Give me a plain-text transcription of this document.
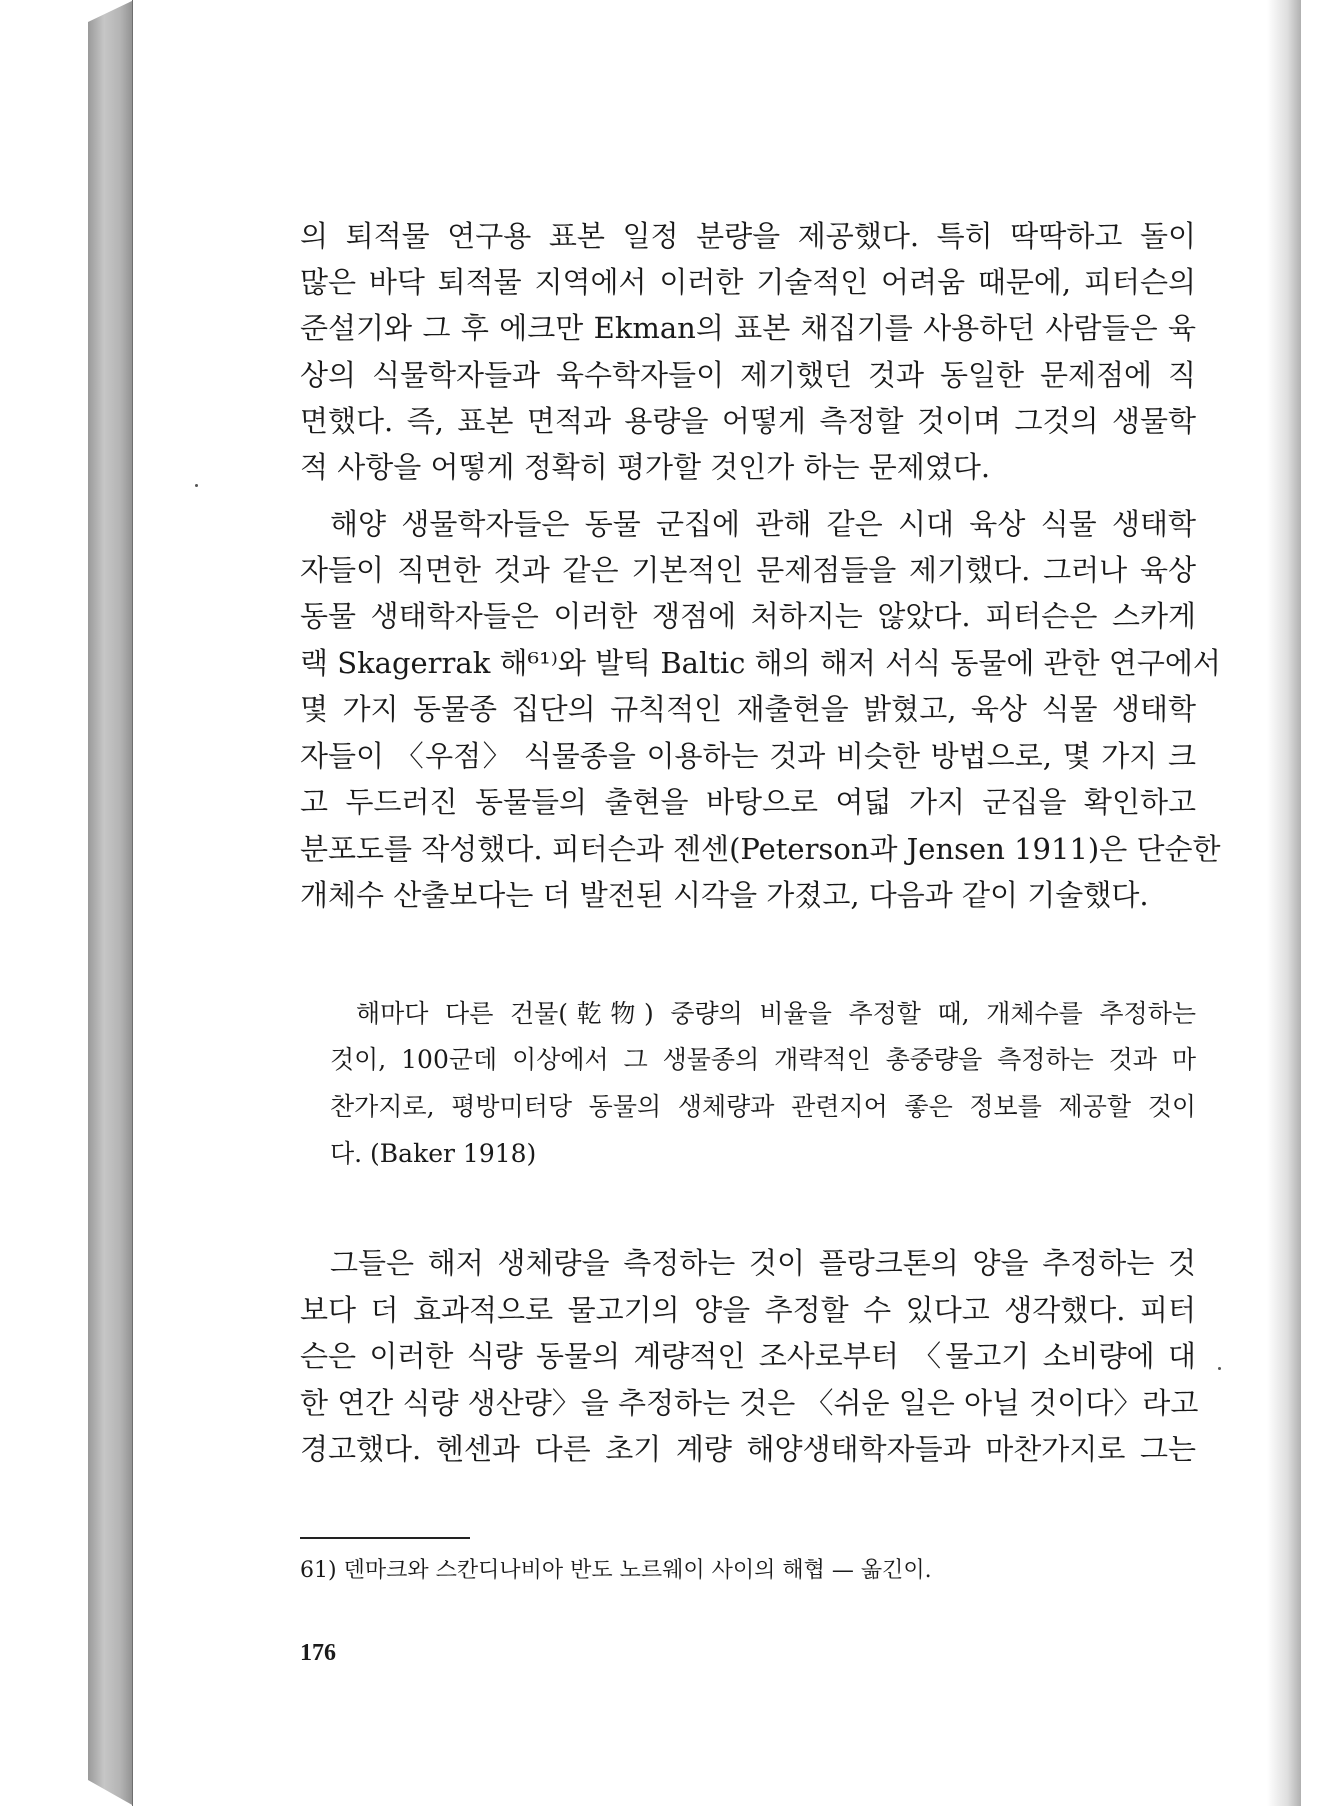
의 퇴적물 연구용 표본 일정 분량을 제공했다. 특히 딱딱하고 돌이
많은 바닥 퇴적물 지역에서 이러한 기술적인 어려움 때문에, 피터슨의
준설기와 그 후 에크만 Ekman의 표본 채집기를 사용하던 사람들은 육
상의 식물학자들과 육수학자들이 제기했던 것과 동일한 문제점에 직
면했다. 즉, 표본 면적과 용량을 어떻게 측정할 것이며 그것의 생물학
적 사항을 어떻게 정확히 평가할 것인가 하는 문제였다.
해양 생물학자들은 동물 군집에 관해 같은 시대 육상 식물 생태학
자들이 직면한 것과 같은 기본적인 문제점들을 제기했다. 그러나 육상
동물 생태학자들은 이러한 쟁점에 처하지는 않았다. 피터슨은 스카게
랙 Skagerrak 해⁶¹⁾와 발틱 Baltic 해의 해저 서식 동물에 관한 연구에서
몇 가지 동물종 집단의 규칙적인 재출현을 밝혔고, 육상 식물 생태학
자들이 〈우점〉 식물종을 이용하는 것과 비슷한 방법으로, 몇 가지 크
고 두드러진 동물들의 출현을 바탕으로 여덟 가지 군집을 확인하고
분포도를 작성했다. 피터슨과 젠센(Peterson과 Jensen 1911)은 단순한
개체수 산출보다는 더 발전된 시각을 가졌고, 다음과 같이 기술했다.
해마다 다른 건물(乾物) 중량의 비율을 추정할 때, 개체수를 추정하는
것이, 100군데 이상에서 그 생물종의 개략적인 총중량을 측정하는 것과 마
찬가지로, 평방미터당 동물의 생체량과 관련지어 좋은 정보를 제공할 것이
다. (Baker 1918)
그들은 해저 생체량을 측정하는 것이 플랑크톤의 양을 추정하는 것
보다 더 효과적으로 물고기의 양을 추정할 수 있다고 생각했다. 피터
슨은 이러한 식량 동물의 계량적인 조사로부터 〈물고기 소비량에 대
한 연간 식량 생산량〉을 추정하는 것은 〈쉬운 일은 아닐 것이다〉라고
경고했다. 헨센과 다른 초기 계량 해양생태학자들과 마찬가지로 그는
61) 덴마크와 스칸디나비아 반도 노르웨이 사이의 해협 — 옮긴이.
176
